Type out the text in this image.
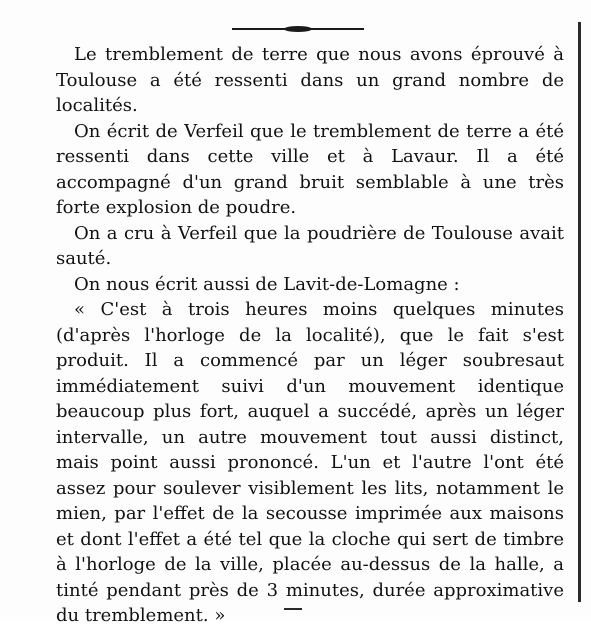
Le tremblement de terre que nous avons éprouvé à Toulouse a été ressenti dans un grand nombre de localités.

On écrit de Verfeil que le tremblement de terre a été ressenti dans cette ville et à Lavaur. Il a été accompagné d'un grand bruit semblable à une très forte explosion de poudre.

On a cru à Verfeil que la poudrière de Toulouse avait sauté.

On nous écrit aussi de Lavit-de-Lomagne :

« C'est à trois heures moins quelques minutes (d'après l'horloge de la localité), que le fait s'est produit. Il a commencé par un léger soubresaut immédiatement suivi d'un mouvement identique beaucoup plus fort, auquel a succédé, après un léger intervalle, un autre mouvement tout aussi distinct, mais point aussi prononcé. L'un et l'autre l'ont été assez pour soulever visiblement les lits, notamment le mien, par l'effet de la secousse imprimée aux maisons et dont l'effet a été tel que la cloche qui sert de timbre à l'horloge de la ville, placée au-dessus de la halle, a tinté pendant près de 3 minutes, durée approximative du tremblement. »
